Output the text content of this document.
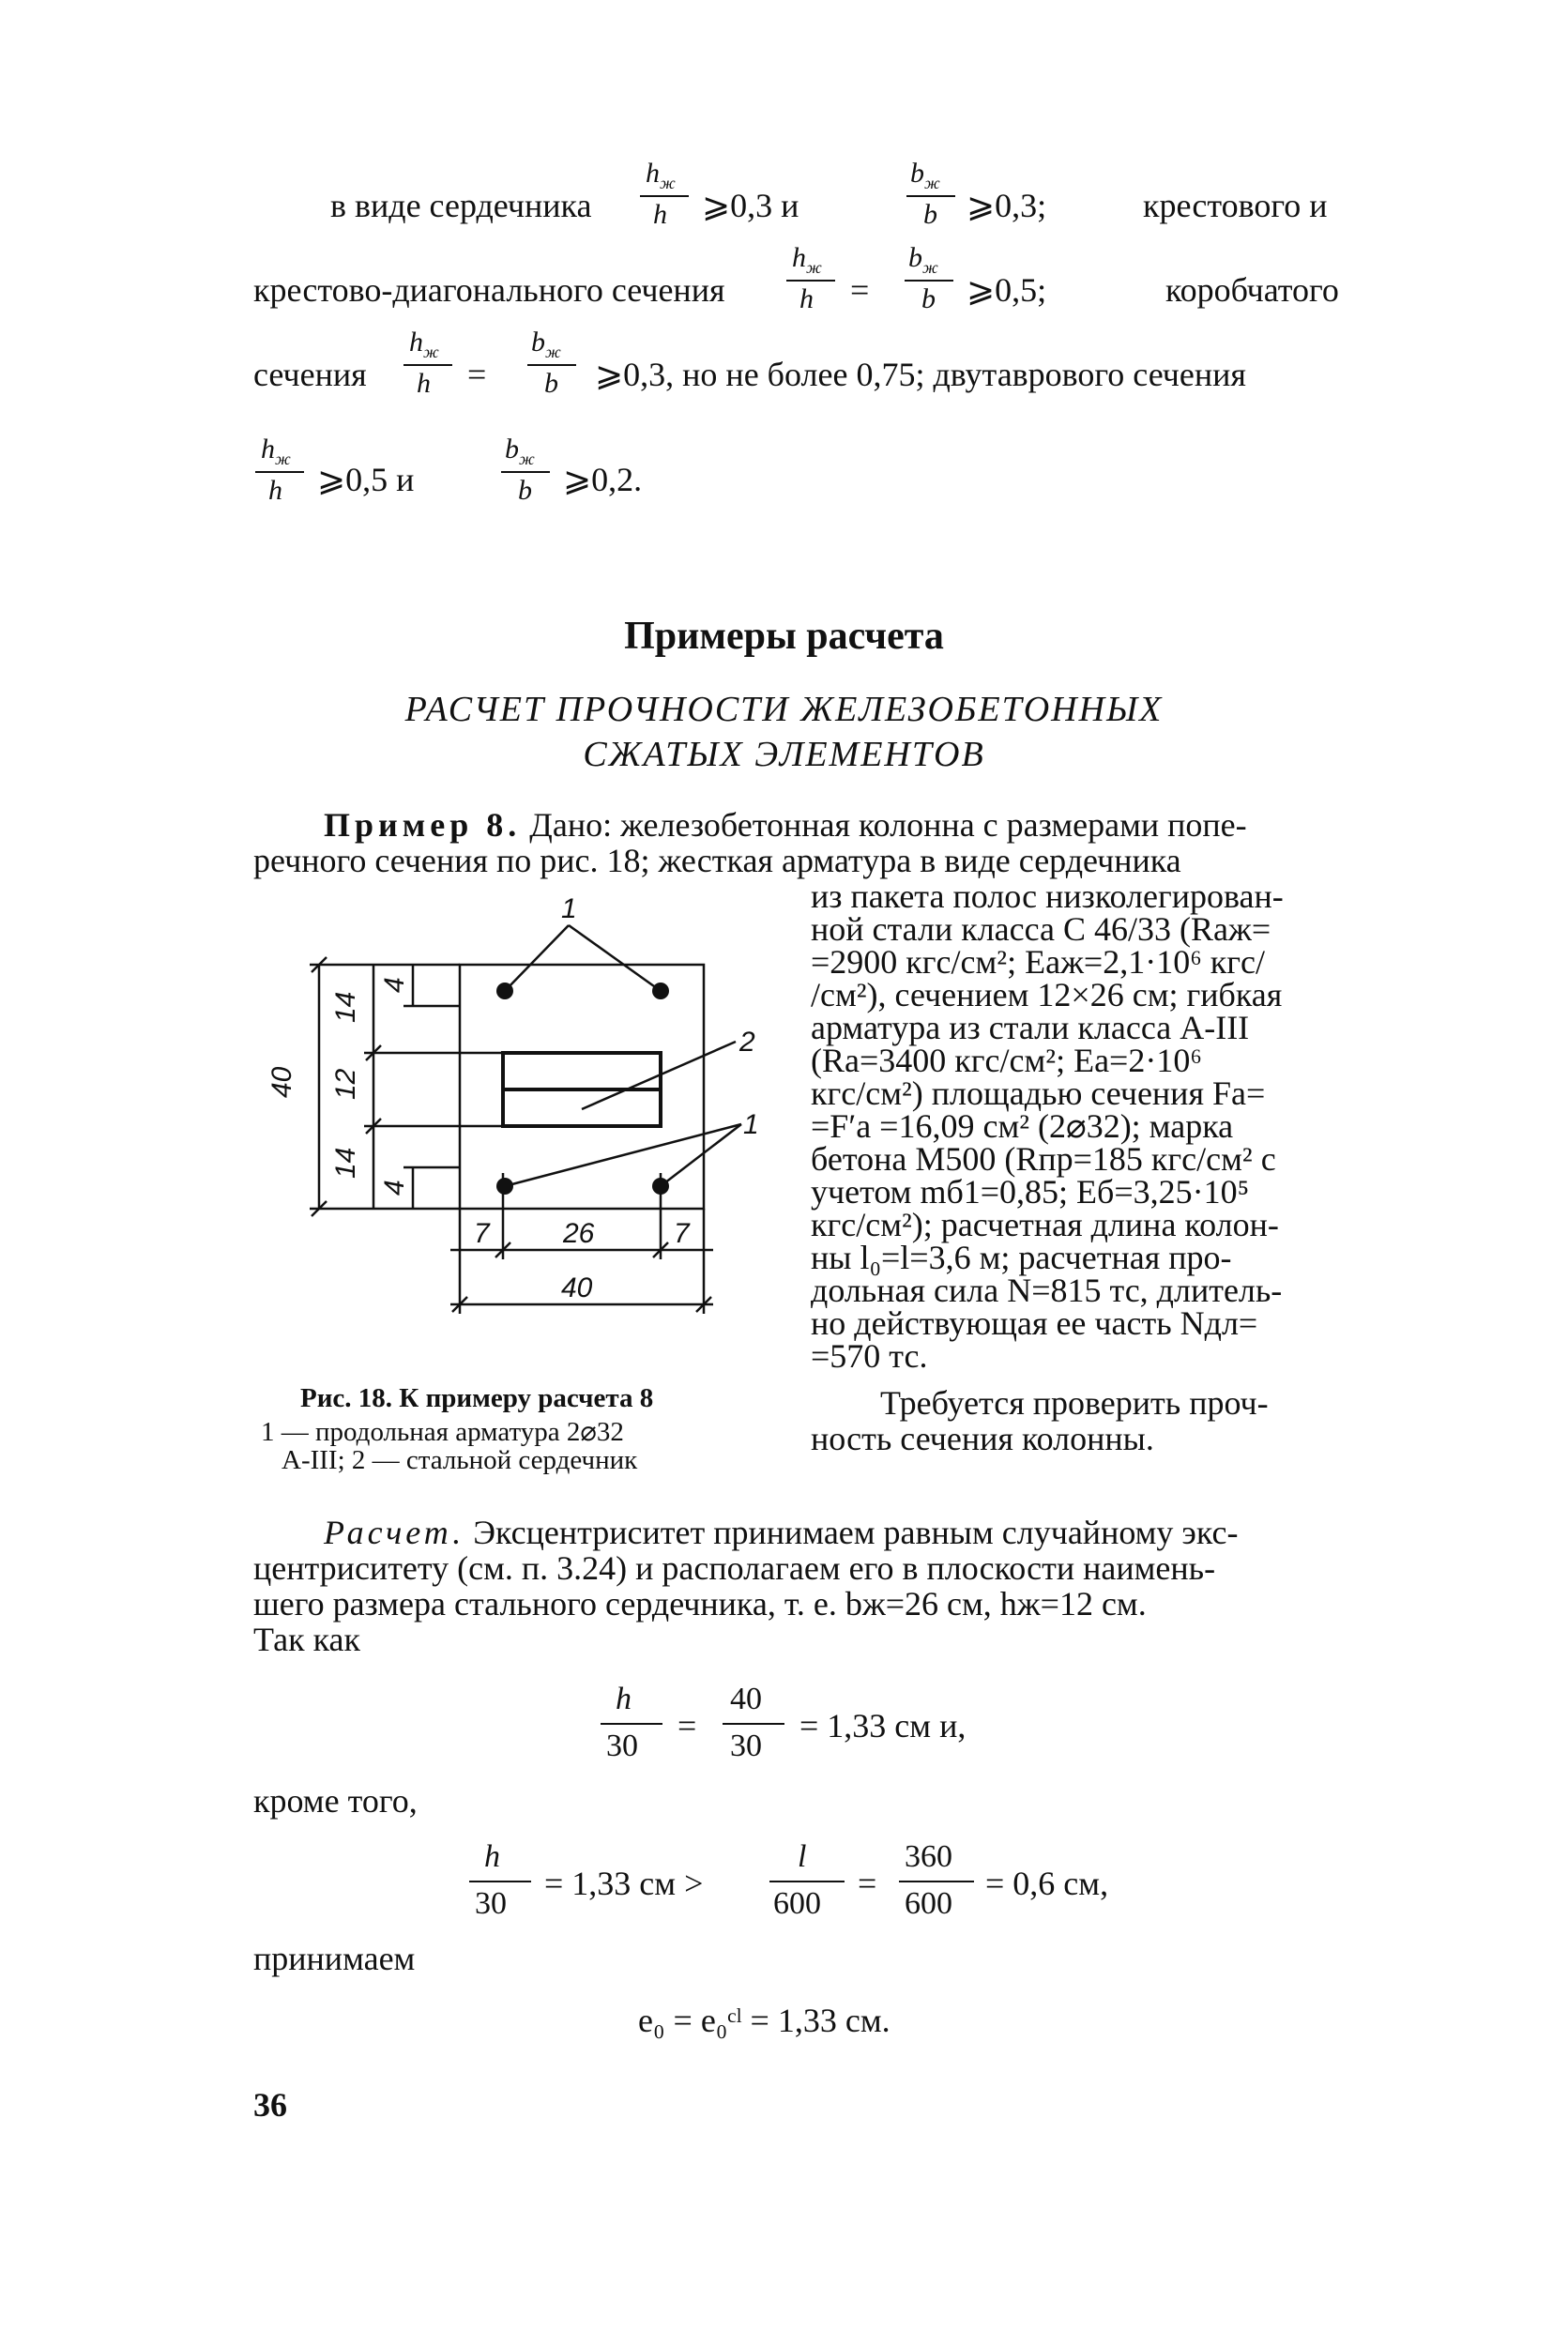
в виде сердечника
$h_ж$
h ⩾0,3 и
$b_ж$
b ⩾0,3;	крестового и
крестово-диагонального сечения
$h_ж$
h =
$b_ж$
b ⩾0,5;	коробчатого
сечения
$h_ж$
h =
$b_ж$
b ⩾0,3, но не более 0,75; двутаврового сечения
$h_ж$
h ⩾0,5 и
$b_ж$
b ⩾0,2.
Примеры расчета
РАСЧЕТ ПРОЧНОСТИ ЖЕЛЕЗОБЕТОННЫХ
СЖАТЫХ ЭЛЕМЕНТОВ
Пример 8. Дано: железобетонная колонна с размерами попе-
речного сечения по рис. 18; жесткая арматура в виде сердечника
из пакета полос низколегирован-
ной стали класса С 46/33 (Rаж=
=2900 кгс/см²; Eаж=2,1·10⁶ кгс/
/см²), сечением 12×26 см; гибкая
арматура из стали класса A-III
(Rа=3400 кгс/см²; Eа=2·10⁶
кгс/см²) площадью сечения Fа=
=F′а =16,09 см² (2⌀32); марка
бетона M500 (Rпр=185 кгс/см² с
учетом mб1=0,85; Eб=3,25·10⁵
кгс/см²); расчетная длина колон-
ны l₀=l=3,6 м; расчетная про-
дольная сила N=815 тс, длитель-
но действующая ее часть Nдл=
=570 тс.
Требуется проверить проч-
ность сечения колонны.
40
14
12
14
4
4
7	26	7
40
1
2
1
Рис. 18. К примеру расчета 8
1 — продольная арматура 2⌀32
A-III; 2 — стальной сердечник
Расчет. Эксцентриситет принимаем равным случайному экс-
центриситету (см. п. 3.24) и располагаем его в плоскости наимень-
шего размера стального сердечника, т. е. bж=26 см, hж=12 см.
Так как
h
30
=
40
30
= 1,33 см и,
кроме того,
h
30
= 1,33 см >
l
600
=
360
600
= 0,6 см,
принимаем
e₀ = e₀ᶜˡ = 1,33 см.
36
